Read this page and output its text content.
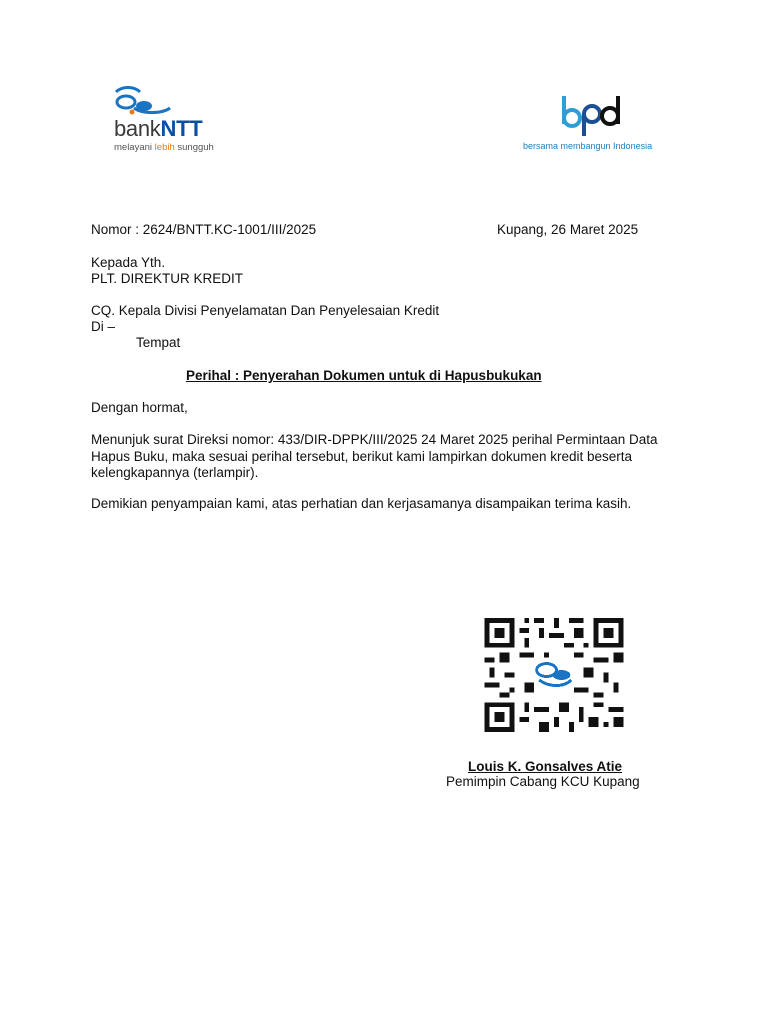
bankNTT
melayani lebih sungguh	bersama membangun Indonesia
Nomor : 2624/BNTT.KC-1001/III/2025	Kupang, 26 Maret 2025
Kepada Yth.
PLT. DIREKTUR KREDIT
CQ. Kepala Divisi Penyelamatan Dan Penyelesaian Kredit
Di –
Tempat
Perihal : Penyerahan Dokumen untuk di Hapusbukukan
Dengan hormat,
Menunjuk surat Direksi nomor: 433/DIR-DPPK/III/2025 24 Maret 2025 perihal Permintaan Data Hapus Buku, maka sesuai perihal tersebut, berikut kami lampirkan dokumen kredit beserta kelengkapannya (terlampir).
Demikian penyampaian kami, atas perhatian dan kerjasamanya disampaikan terima kasih.
Louis K. Gonsalves Atie
Pemimpin Cabang KCU Kupang
